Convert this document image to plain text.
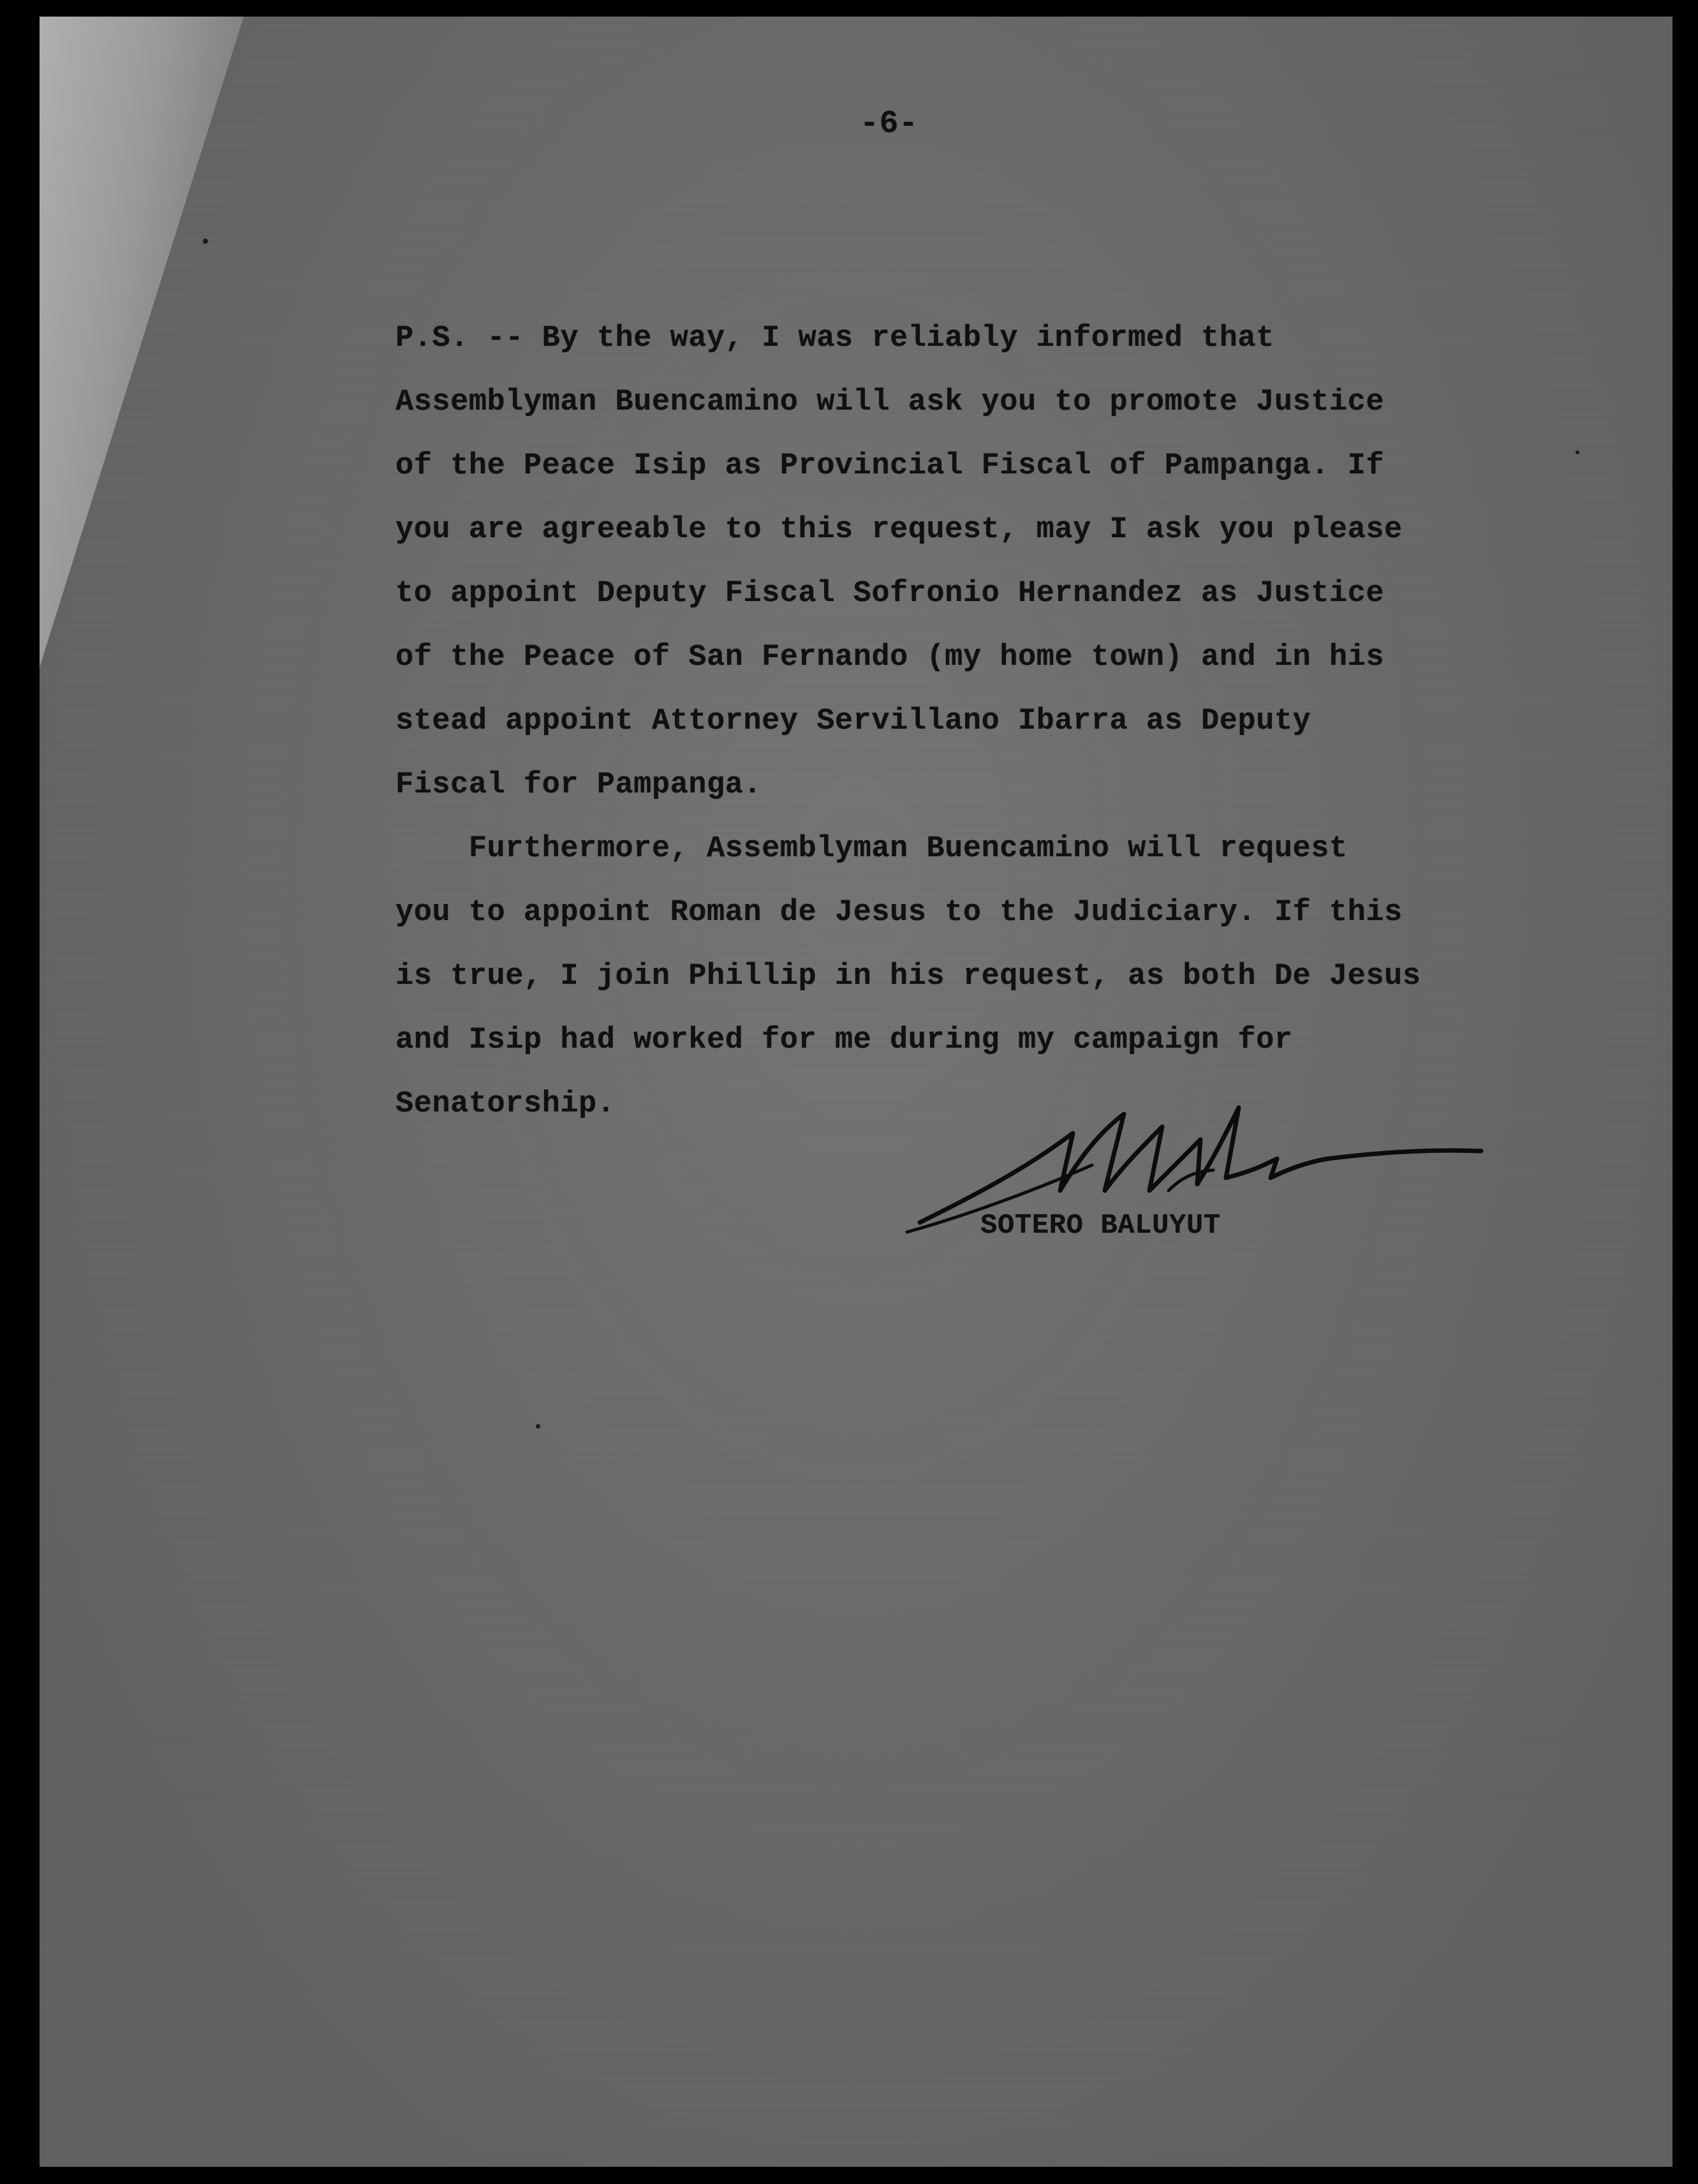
-6-
P.S. -- By the way, I was reliably informed that
Assemblyman Buencamino will ask you to promote Justice
of the Peace Isip as Provincial Fiscal of Pampanga. If
you are agreeable to this request, may I ask you please
to appoint Deputy Fiscal Sofronio Hernandez as Justice
of the Peace of San Fernando (my home town) and in his
stead appoint Attorney Servillano Ibarra as Deputy
Fiscal for Pampanga.
Furthermore, Assemblyman Buencamino will request
you to appoint Roman de Jesus to the Judiciary. If this
is true, I join Phillip in his request, as both De Jesus
and Isip had worked for me during my campaign for
Senatorship.
SOTERO BALUYUT
